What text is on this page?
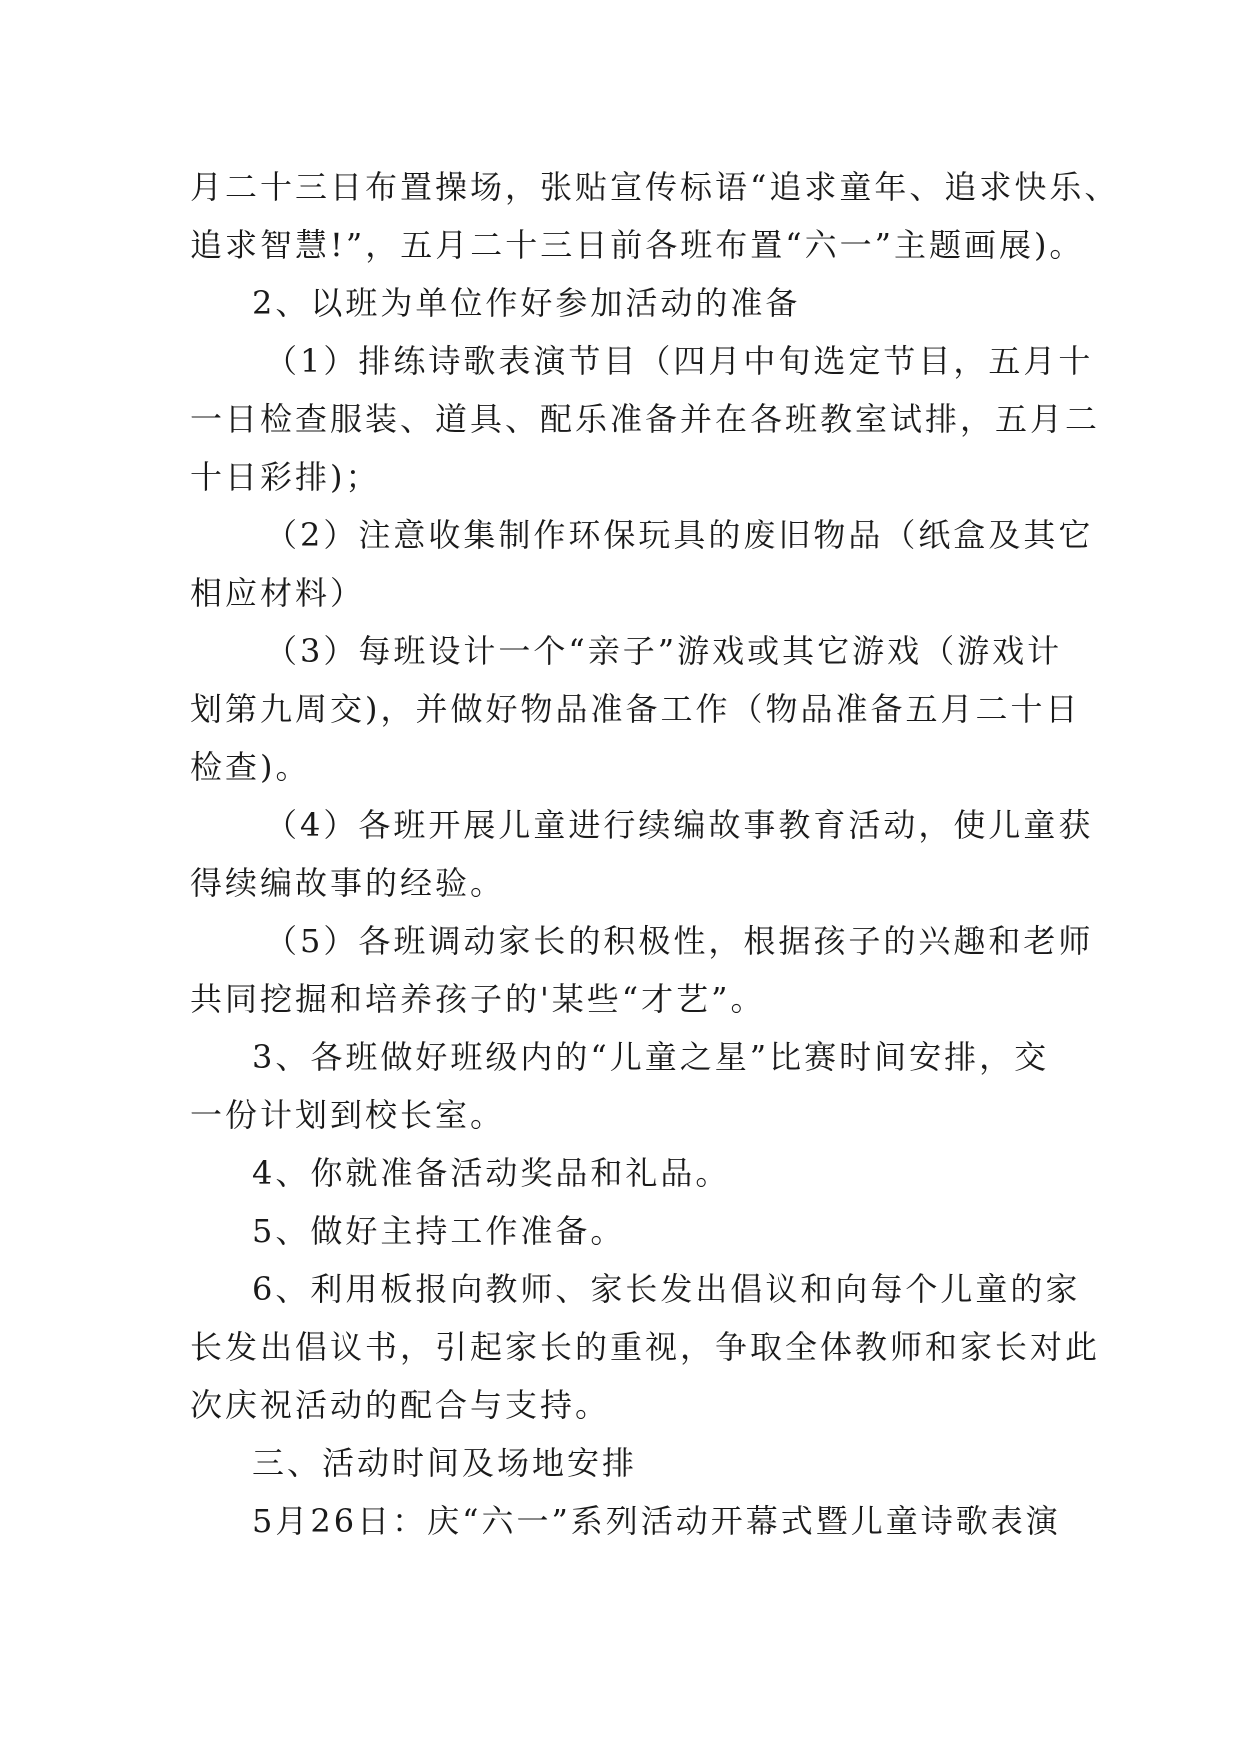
月二十三日布置操场，张贴宣传标语“追求童年、追求快乐、
追求智慧!”，五月二十三日前各班布置“六一”主题画展)。
2、以班为单位作好参加活动的准备
（1）排练诗歌表演节目（四月中旬选定节目，五月十
一日检查服装、道具、配乐准备并在各班教室试排，五月二
十日彩排)；
（2）注意收集制作环保玩具的废旧物品（纸盒及其它
相应材料）
（3）每班设计一个“亲子”游戏或其它游戏（游戏计
划第九周交)，并做好物品准备工作（物品准备五月二十日
检查)。
（4）各班开展儿童进行续编故事教育活动，使儿童获
得续编故事的经验。
（5）各班调动家长的积极性，根据孩子的兴趣和老师
共同挖掘和培养孩子的'某些“才艺”。
3、各班做好班级内的“儿童之星”比赛时间安排，交
一份计划到校长室。
4、你就准备活动奖品和礼品。
5、做好主持工作准备。
6、利用板报向教师、家长发出倡议和向每个儿童的家
长发出倡议书，引起家长的重视，争取全体教师和家长对此
次庆祝活动的配合与支持。
三、活动时间及场地安排
5月26日：庆“六一”系列活动开幕式暨儿童诗歌表演
